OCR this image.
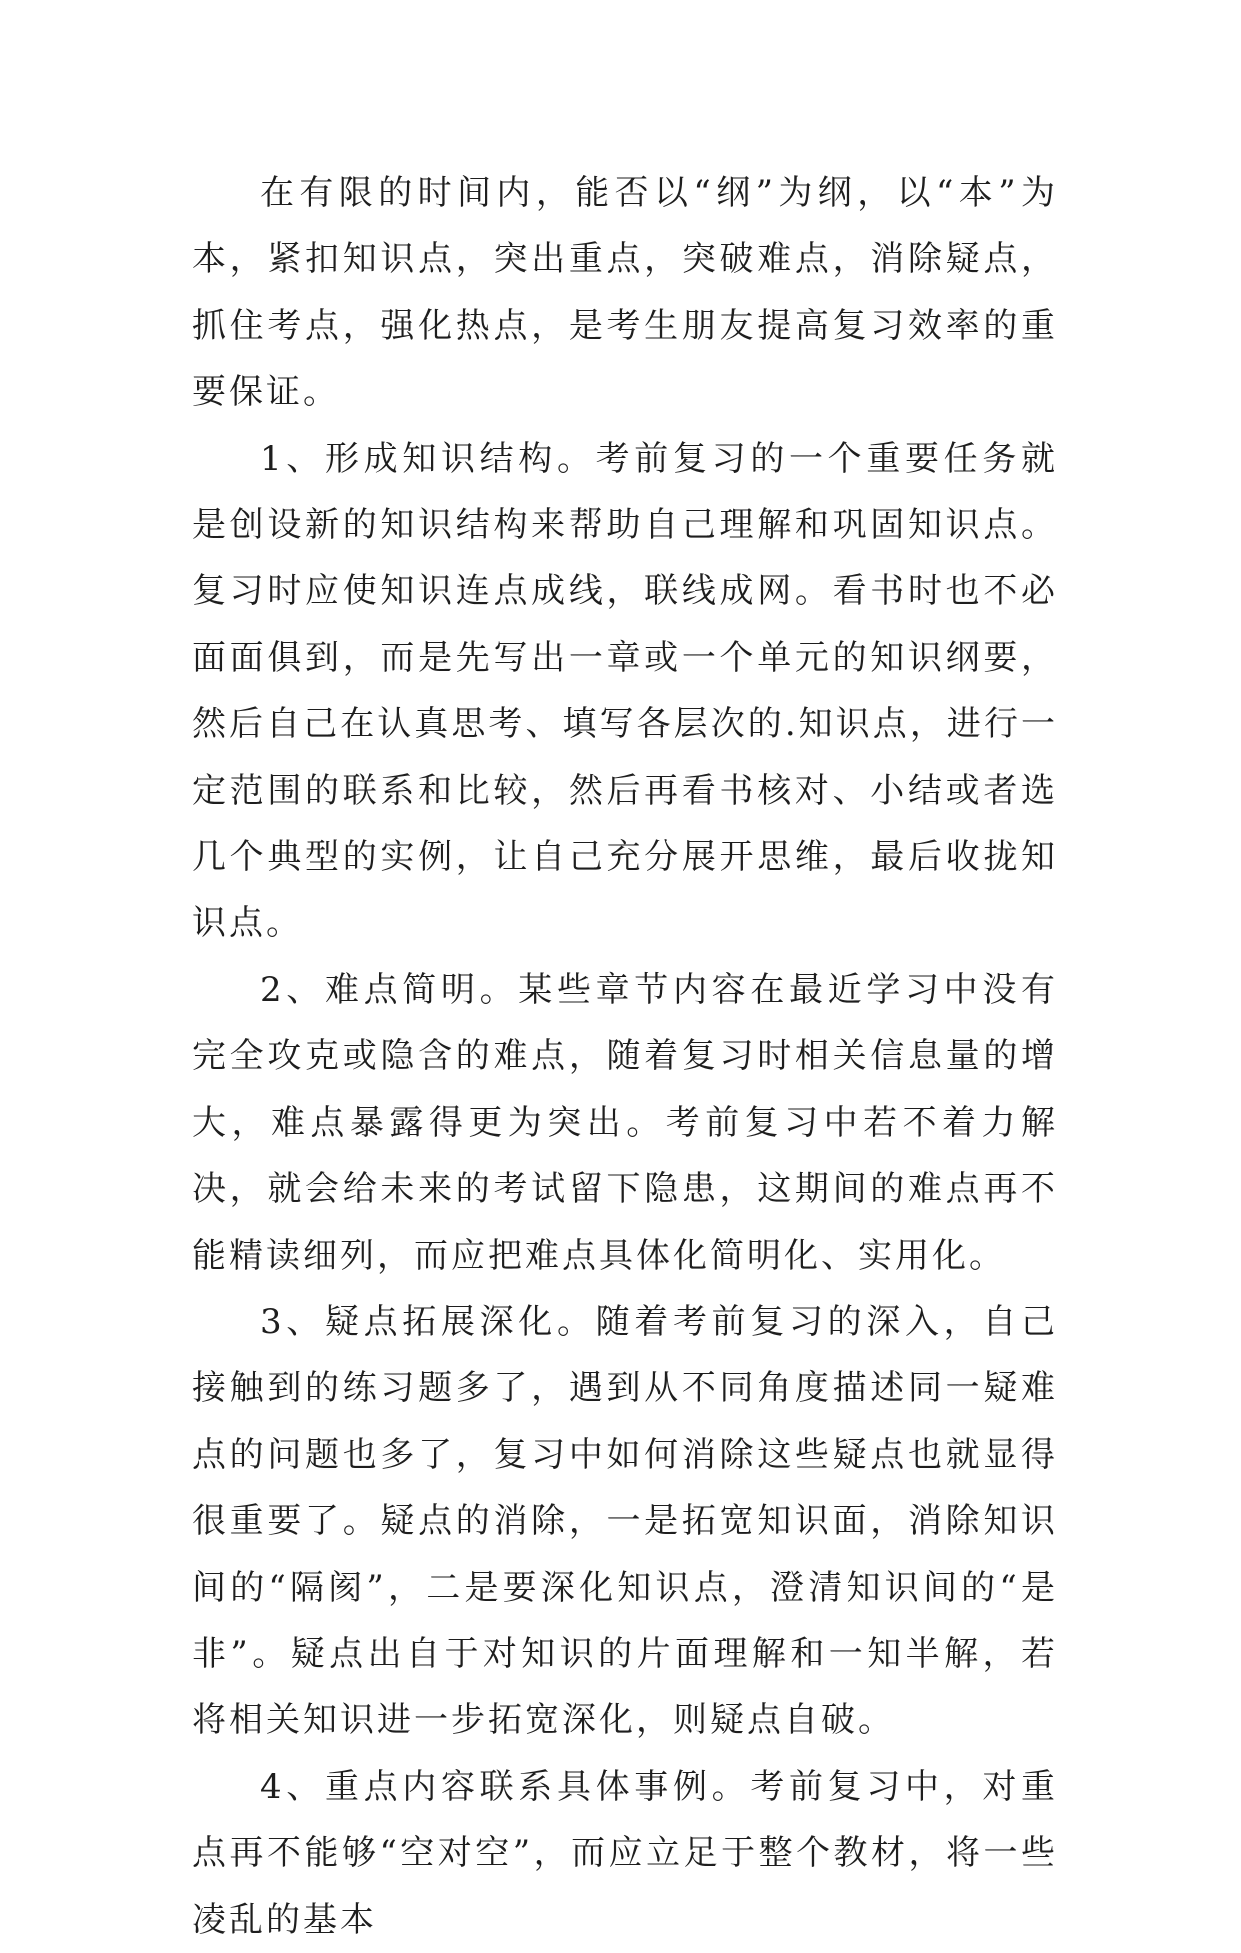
在有限的时间内，能否以“纲”为纲，以“本”为本，紧扣知识点，突出重点，突破难点，消除疑点，抓住考点，强化热点，是考生朋友提高复习效率的重要保证。

1、形成知识结构。考前复习的一个重要任务就是创设新的知识结构来帮助自己理解和巩固知识点。复习时应使知识连点成线，联线成网。看书时也不必面面俱到，而是先写出一章或一个单元的知识纲要，然后自己在认真思考、填写各层次的.知识点，进行一定范围的联系和比较，然后再看书核对、小结或者选几个典型的实例，让自己充分展开思维，最后收拢知识点。

2、难点简明。某些章节内容在最近学习中没有完全攻克或隐含的难点，随着复习时相关信息量的增大，难点暴露得更为突出。考前复习中若不着力解决，就会给未来的考试留下隐患，这期间的难点再不能精读细列，而应把难点具体化简明化、实用化。

3、疑点拓展深化。随着考前复习的深入，自己接触到的练习题多了，遇到从不同角度描述同一疑难点的问题也多了，复习中如何消除这些疑点也就显得很重要了。疑点的消除，一是拓宽知识面，消除知识间的“隔阂”，二是要深化知识点，澄清知识间的“是非”。疑点出自于对知识的片面理解和一知半解，若将相关知识进一步拓宽深化，则疑点自破。

4、重点内容联系具体事例。考前复习中，对重点再不能够“空对空”，而应立足于整个教材，将一些凌乱的基本
